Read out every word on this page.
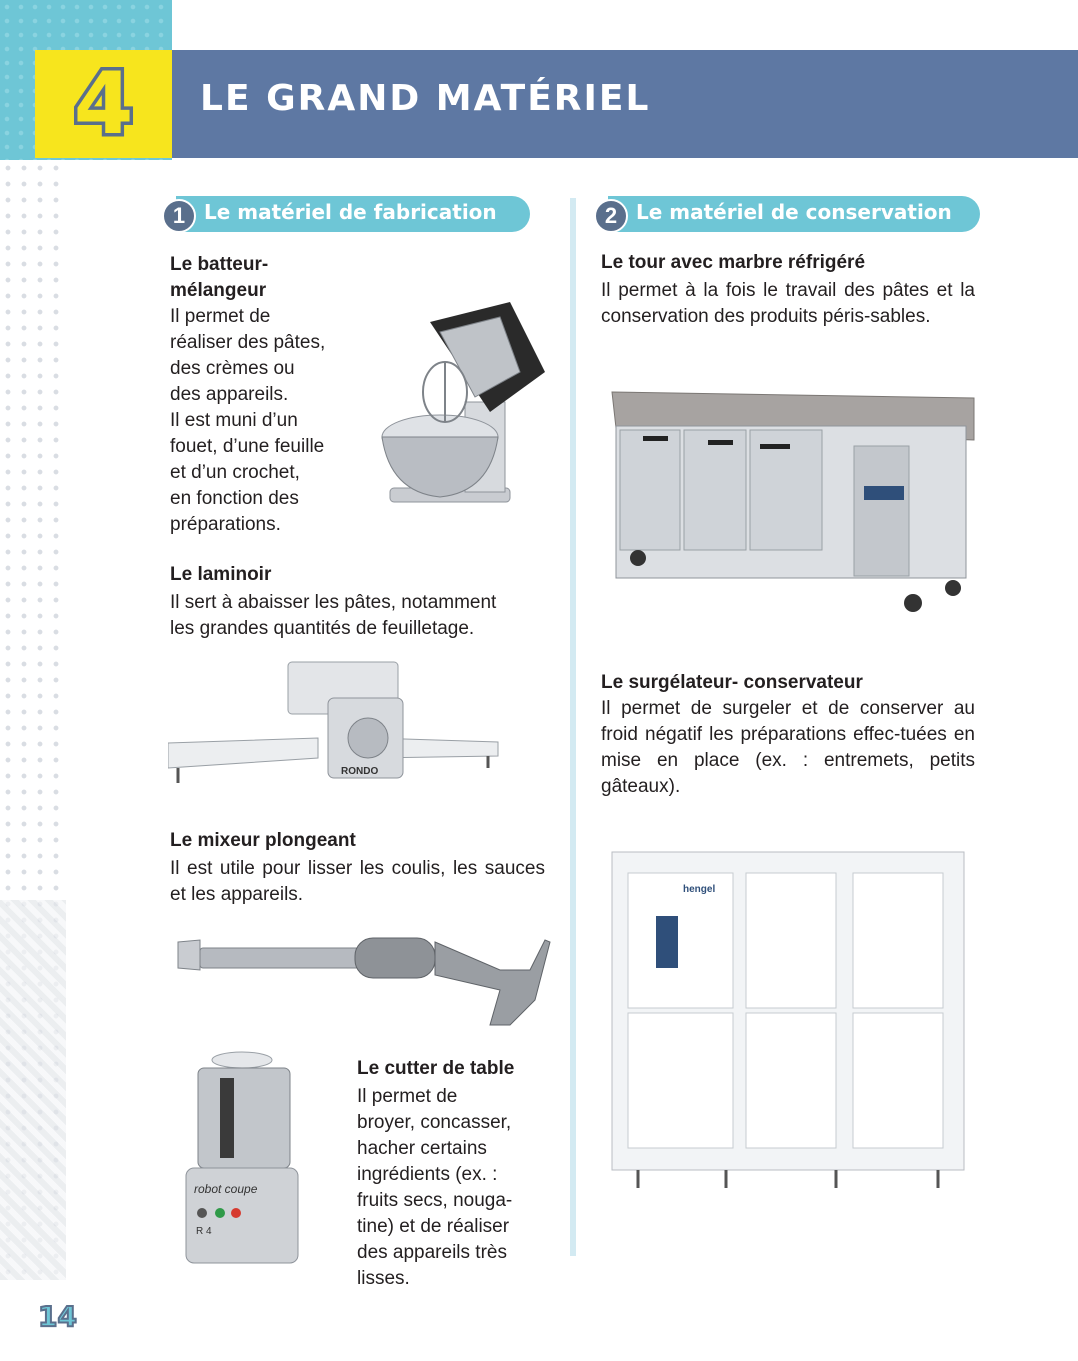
4	LE GRAND MATÉRIEL
1 Le matériel de fabrication	2 Le matériel de conservation
Le batteur-
mélangeur
Il permet de
réaliser des pâtes,
des crèmes ou
des appareils.
Il est muni d’un
fouet, d’une feuille
et d’un crochet,
en fonction des
préparations.
Le laminoir
Il sert à abaisser les pâtes, notamment
les grandes quantités de feuilletage.
RONDO
Le mixeur plongeant
Il est utile pour lisser les coulis, les sauces et les appareils.
robot coupe
R 4
Le cutter de table
Il permet de
broyer, concasser,
hacher certains
ingrédients (ex. :
fruits secs, nouga-
tine) et de réaliser
des appareils très
lisses.
Le tour avec marbre réfrigéré
Il permet à la fois le travail des pâtes et la conservation des produits péris-sables.
Le surgélateur- conservateur
Il permet de surgeler et de conserver au froid négatif les préparations effec-tuées en mise en place (ex. : entremets, petits gâteaux).
hengel
14
